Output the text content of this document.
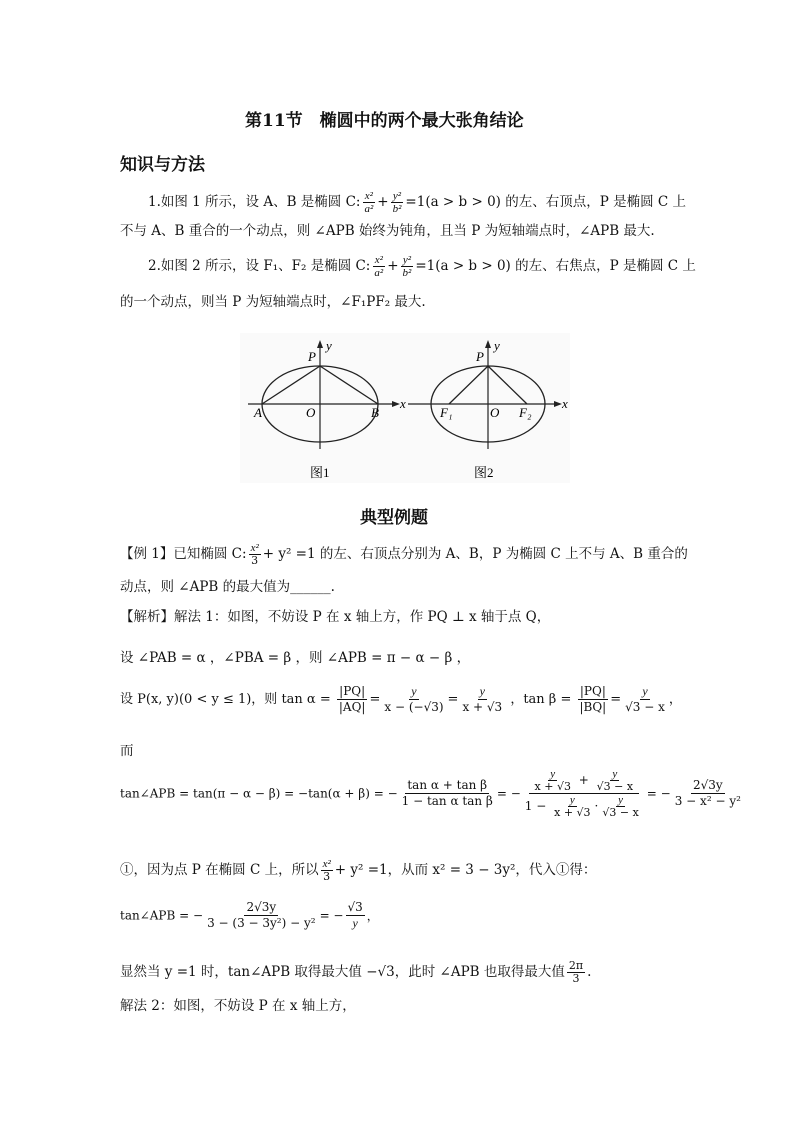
第11节　椭圆中的两个最大张角结论
知识与方法
1.如图 1 所示，设 A、B 是椭圆 C: $\frac{\text{x²}}{\text{a²}} + \frac{\text{y²}}{\text{b²}} =1(a > b > 0)$ 的左、右顶点，P 是椭圆 C 上
不与 A、B 重合的一个动点，则 ∠APB 始终为钝角，且当 P 为短轴端点时，∠APB 最大.
2.如图 2 所示，设 F₁、F₂ 是椭圆 C: $\frac{\text{x²}}{\text{a²}} + \frac{\text{y²}}{\text{b²}} =1(a > b > 0)$ 的左、右焦点，P 是椭圆 C 上
的一个动点，则当 P 为短轴端点时，∠F₁PF₂ 最大.
P
y
x
O
A	B
图1
P
y
x
O
F₁	F₂
图2
典型例题
【例 1】已知椭圆 C: $\frac{\text{x²}}{3} + y^2 =1$ 的左、右顶点分别为 A、B，P 为椭圆 C 上不与 A、B 重合的
动点，则 ∠APB 的最大值为______.
【解析】解法 1：如图，不妨设 P 在 x 轴上方，作 PQ ⊥ x 轴于点 Q，
设 ∠PAB = α ，∠PBA = β ，则 ∠APB = π − α − β ，
设 P(x, y)(0 < y ≤ 1)，则 $\tan \alpha = \frac{|PQ|}{|AQ|} = \frac{y}{x - (-√3)} = \frac{y}{x + √3}$ ，$\tan \beta = \frac{|PQ|}{|BQ|} = \frac{y}{√3 - x}$ ，
而
tan∠APB = tan(π − α − β) = −tan(α + β) = − $\frac{\text{tan α + tan β}}{\text{1 − tan α tan β}}$ = − $\frac{\frac{y}{x + √3} + \frac{y}{√3 - x}}{1 - \frac{y}{x + √3} \cdot \frac{y}{√3 - x}}$ = − $\frac{2√3y}{\text{3 − x² − y²}}$
①，因为点 P 在椭圆 C 上，所以 $\frac{\text{x²}}{3} + y^2 =1$，从而 x² = 3 − 3y²，代入①得：
tan∠APB = − $\frac{2√3y}{\text{3 − (3 − 3y²) − y²}}$ = − $\frac{√3}{y}$ ，
显然当 y =1 时，tan∠APB 取得最大值 −√3，此时 ∠APB 也取得最大值 $\frac{2\pi}{3}$ .
解法 2：如图，不妨设 P 在 x 轴上方，
